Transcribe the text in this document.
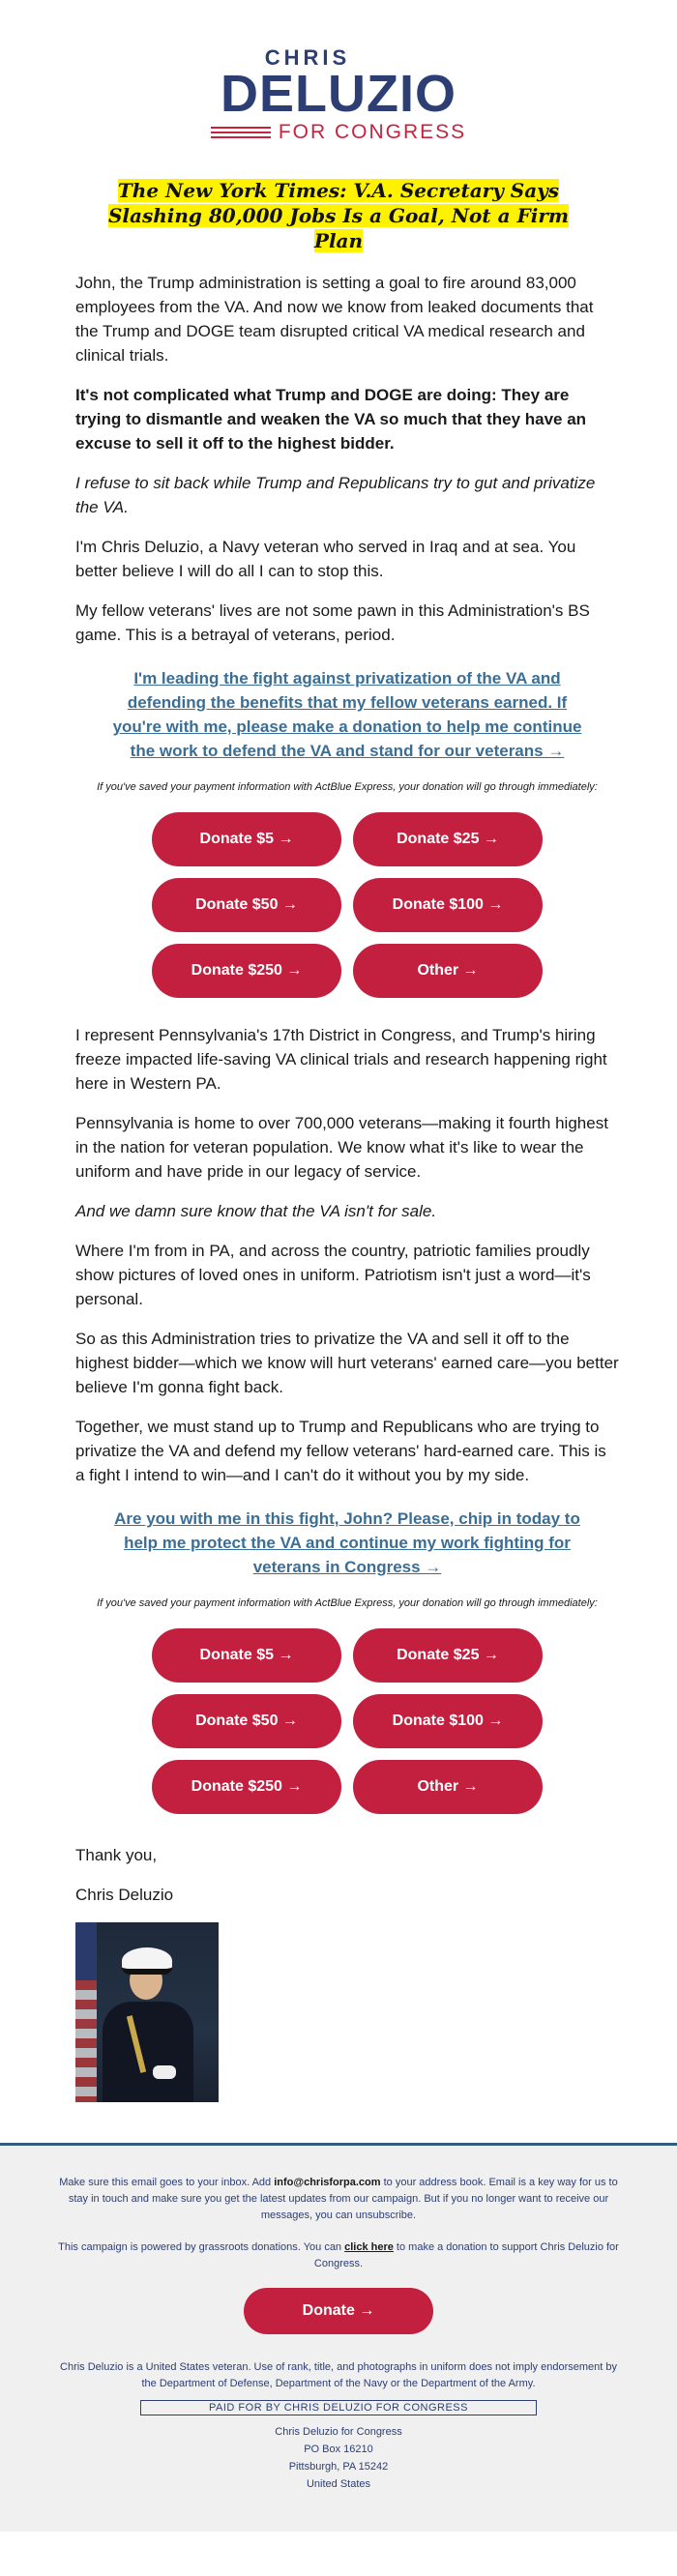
CHRIS
DELUZIO
FOR CONGRESS
The New York Times: V.A. Secretary Says Slashing 80,000 Jobs Is a Goal, Not a Firm Plan

John, the Trump administration is setting a goal to fire around 83,000 employees from the VA. And now we know from leaked documents that the Trump and DOGE team disrupted critical VA medical research and clinical trials.

It's not complicated what Trump and DOGE are doing: They are trying to dismantle and weaken the VA so much that they have an excuse to sell it off to the highest bidder.

I refuse to sit back while Trump and Republicans try to gut and privatize the VA.

I'm Chris Deluzio, a Navy veteran who served in Iraq and at sea. You better believe I will do all I can to stop this.

My fellow veterans' lives are not some pawn in this Administration's BS game. This is a betrayal of veterans, period.

I'm leading the fight against privatization of the VA and defending the benefits that my fellow veterans earned. If you're with me, please make a donation to help me continue the work to defend the VA and stand for our veterans →
If you've saved your payment information with ActBlue Express, your donation will go through immediately:
Donate $5 →	Donate $25 →
Donate $50 →	Donate $100 →
Donate $250 →	Other →

I represent Pennsylvania's 17th District in Congress, and Trump's hiring freeze impacted life-saving VA clinical trials and research happening right here in Western PA.

Pennsylvania is home to over 700,000 veterans—making it fourth highest in the nation for veteran population. We know what it's like to wear the uniform and have pride in our legacy of service.

And we damn sure know that the VA isn't for sale.

Where I'm from in PA, and across the country, patriotic families proudly show pictures of loved ones in uniform. Patriotism isn't just a word—it's personal.

So as this Administration tries to privatize the VA and sell it off to the highest bidder—which we know will hurt veterans' earned care—you better believe I'm gonna fight back.

Together, we must stand up to Trump and Republicans who are trying to privatize the VA and defend my fellow veterans' hard-earned care. This is a fight I intend to win—and I can't do it without you by my side.

Are you with me in this fight, John? Please, chip in today to help me protect the VA and continue my work fighting for veterans in Congress →
If you've saved your payment information with ActBlue Express, your donation will go through immediately:
Donate $5 →	Donate $25 →
Donate $50 →	Donate $100 →
Donate $250 →	Other →

Thank you,

Chris Deluzio

Make sure this email goes to your inbox. Add info@chrisforpa.com to your address book. Email is a key way for us to stay in touch and make sure you get the latest updates from our campaign. But if you no longer want to receive our messages, you can unsubscribe.

This campaign is powered by grassroots donations. You can click here to make a donation to support Chris Deluzio for Congress.

Donate →

Chris Deluzio is a United States veteran. Use of rank, title, and photographs in uniform does not imply endorsement by the Department of Defense, Department of the Navy or the Department of the Army.

PAID FOR BY CHRIS DELUZIO FOR CONGRESS
Chris Deluzio for Congress
PO Box 16210
Pittsburgh, PA 15242
United States
